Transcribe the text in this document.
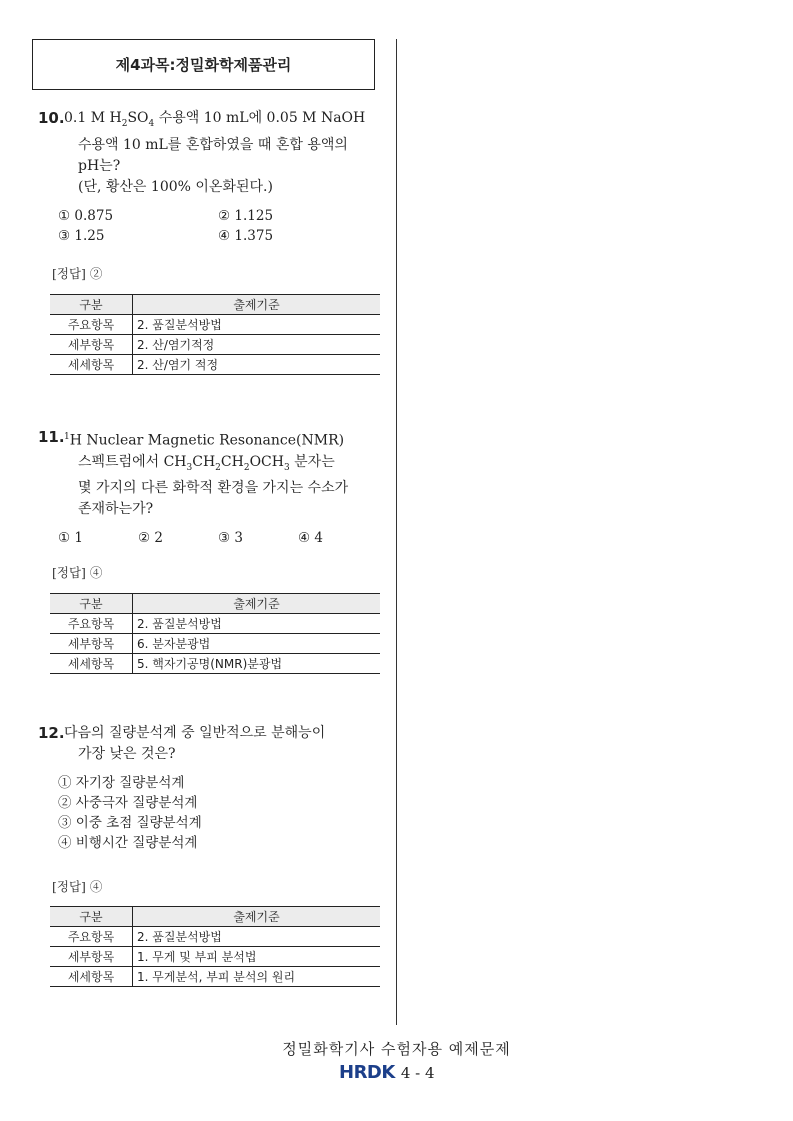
제4과목:정밀화학제품관리
10. 0.1 M $H_2SO_4$ 수용액 10 mL에 0.05 M NaOH
수용액 10 mL를 혼합하였을 때 혼합 용액의
pH는?
(단, 황산은 100% 이온화된다.)
① 0.875	② 1.125
③ 1.25	④ 1.375
[정답] ②
구분	출제기준
주요항목	2. 품질분석방법
세부항목	2. 산/염기적정
세세항목	2. 산/염기 적정
11. $^1$H Nuclear Magnetic Resonance(NMR)
스펙트럼에서 $CH_3CH_2CH_2OCH_3$ 분자는
몇 가지의 다른 화학적 환경을 가지는 수소가
존재하는가?
① 1	② 2	③ 3	④ 4
[정답] ④
구분	출제기준
주요항목	2. 품질분석방법
세부항목	6. 분자분광법
세세항목	5. 핵자기공명(NMR)분광법
12. 다음의 질량분석계 중 일반적으로 분해능이
가장 낮은 것은?
① 자기장 질량분석계
② 사중극자 질량분석계
③ 이중 초점 질량분석계
④ 비행시간 질량분석계
[정답] ④
구분	출제기준
주요항목	2. 품질분석방법
세부항목	1. 무게 및 부피 분석법
세세항목	1. 무게분석, 부피 분석의 원리
정밀화학기사 수험자용 예제문제
HRDK 4 - 4
